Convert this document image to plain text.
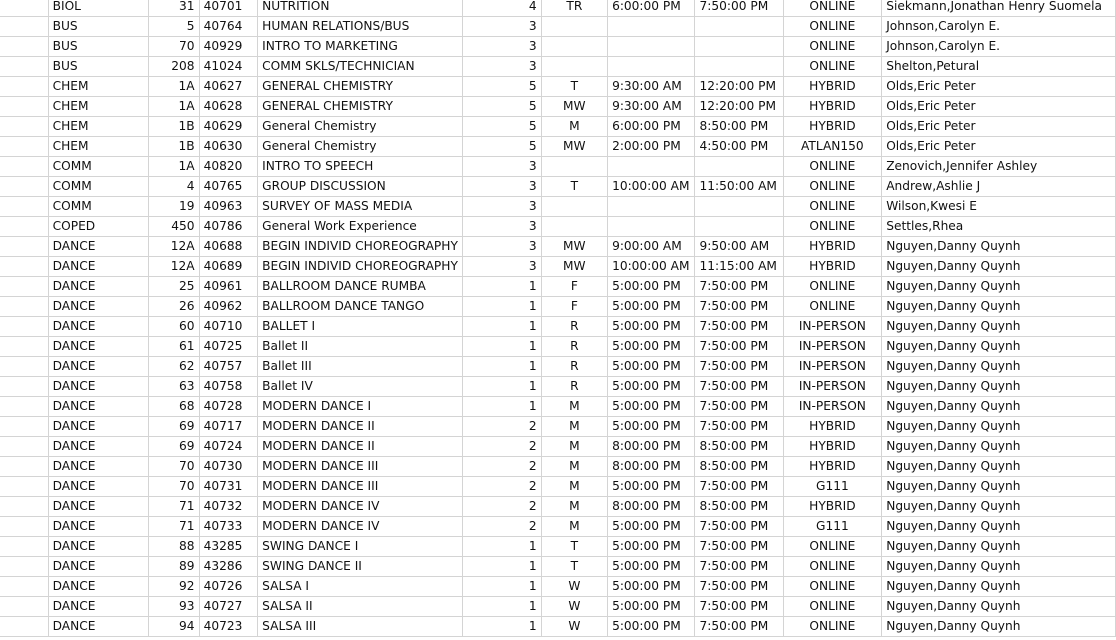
	BIOL	31	40701	NUTRITION	4	TR	6:00:00 PM	7:50:00 PM	ONLINE	Siekmann,Jonathan Henry Suomela
	BUS	5	40764	HUMAN RELATIONS/BUS	3				ONLINE	Johnson,Carolyn E.
	BUS	70	40929	INTRO TO MARKETING	3				ONLINE	Johnson,Carolyn E.
	BUS	208	41024	COMM SKLS/TECHNICIAN	3				ONLINE	Shelton,Petural
	CHEM	1A	40627	GENERAL CHEMISTRY	5	T	9:30:00 AM	12:20:00 PM	HYBRID	Olds,Eric Peter
	CHEM	1A	40628	GENERAL CHEMISTRY	5	MW	9:30:00 AM	12:20:00 PM	HYBRID	Olds,Eric Peter
	CHEM	1B	40629	General Chemistry	5	M	6:00:00 PM	8:50:00 PM	HYBRID	Olds,Eric Peter
	CHEM	1B	40630	General Chemistry	5	MW	2:00:00 PM	4:50:00 PM	ATLAN150	Olds,Eric Peter
	COMM	1A	40820	INTRO TO SPEECH	3				ONLINE	Zenovich,Jennifer Ashley
	COMM	4	40765	GROUP DISCUSSION	3	T	10:00:00 AM	11:50:00 AM	ONLINE	Andrew,Ashlie J
	COMM	19	40963	SURVEY OF MASS MEDIA	3				ONLINE	Wilson,Kwesi E
	COPED	450	40786	General Work Experience	3				ONLINE	Settles,Rhea
	DANCE	12A	40688	BEGIN INDIVID CHOREOGRAPHY	3	MW	9:00:00 AM	9:50:00 AM	HYBRID	Nguyen,Danny Quynh
	DANCE	12A	40689	BEGIN INDIVID CHOREOGRAPHY	3	MW	10:00:00 AM	11:15:00 AM	HYBRID	Nguyen,Danny Quynh
	DANCE	25	40961	BALLROOM DANCE RUMBA	1	F	5:00:00 PM	7:50:00 PM	ONLINE	Nguyen,Danny Quynh
	DANCE	26	40962	BALLROOM DANCE TANGO	1	F	5:00:00 PM	7:50:00 PM	ONLINE	Nguyen,Danny Quynh
	DANCE	60	40710	BALLET I	1	R	5:00:00 PM	7:50:00 PM	IN-PERSON	Nguyen,Danny Quynh
	DANCE	61	40725	Ballet II	1	R	5:00:00 PM	7:50:00 PM	IN-PERSON	Nguyen,Danny Quynh
	DANCE	62	40757	Ballet III	1	R	5:00:00 PM	7:50:00 PM	IN-PERSON	Nguyen,Danny Quynh
	DANCE	63	40758	Ballet IV	1	R	5:00:00 PM	7:50:00 PM	IN-PERSON	Nguyen,Danny Quynh
	DANCE	68	40728	MODERN DANCE I	1	M	5:00:00 PM	7:50:00 PM	IN-PERSON	Nguyen,Danny Quynh
	DANCE	69	40717	MODERN DANCE II	2	M	5:00:00 PM	7:50:00 PM	HYBRID	Nguyen,Danny Quynh
	DANCE	69	40724	MODERN DANCE II	2	M	8:00:00 PM	8:50:00 PM	HYBRID	Nguyen,Danny Quynh
	DANCE	70	40730	MODERN DANCE III	2	M	8:00:00 PM	8:50:00 PM	HYBRID	Nguyen,Danny Quynh
	DANCE	70	40731	MODERN DANCE III	2	M	5:00:00 PM	7:50:00 PM	G111	Nguyen,Danny Quynh
	DANCE	71	40732	MODERN DANCE IV	2	M	8:00:00 PM	8:50:00 PM	HYBRID	Nguyen,Danny Quynh
	DANCE	71	40733	MODERN DANCE IV	2	M	5:00:00 PM	7:50:00 PM	G111	Nguyen,Danny Quynh
	DANCE	88	43285	SWING DANCE I	1	T	5:00:00 PM	7:50:00 PM	ONLINE	Nguyen,Danny Quynh
	DANCE	89	43286	SWING DANCE II	1	T	5:00:00 PM	7:50:00 PM	ONLINE	Nguyen,Danny Quynh
	DANCE	92	40726	SALSA I	1	W	5:00:00 PM	7:50:00 PM	ONLINE	Nguyen,Danny Quynh
	DANCE	93	40727	SALSA II	1	W	5:00:00 PM	7:50:00 PM	ONLINE	Nguyen,Danny Quynh
	DANCE	94	40723	SALSA III	1	W	5:00:00 PM	7:50:00 PM	ONLINE	Nguyen,Danny Quynh
